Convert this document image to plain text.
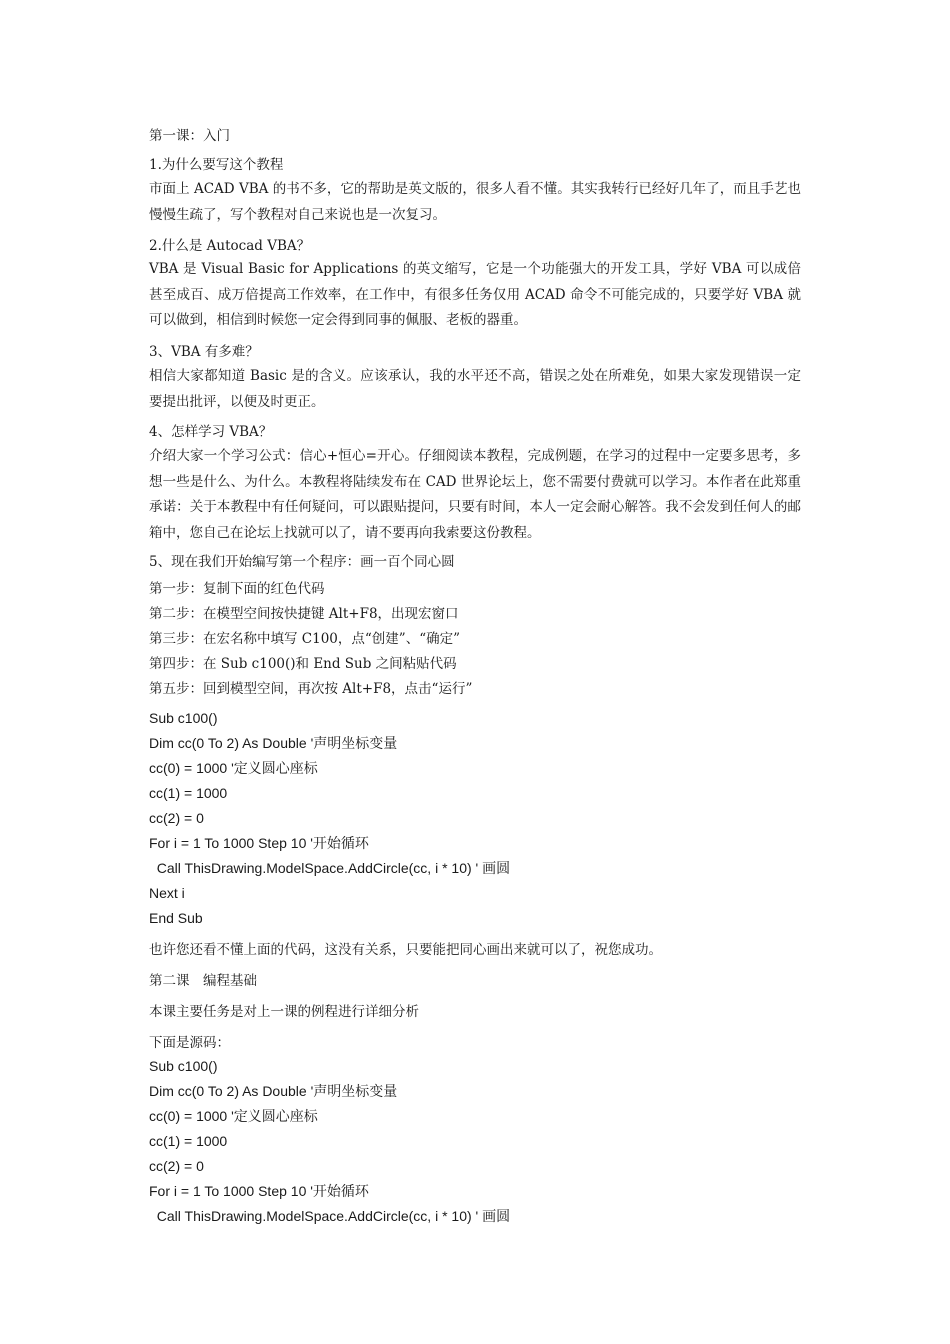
第一课：入门
1.为什么要写这个教程
市面上 ACAD VBA 的书不多，它的帮助是英文版的，很多人看不懂。其实我转行已经好几年了，而且手艺也慢慢生疏了，写个教程对自己来说也是一次复习。
2.什么是 Autocad VBA？
VBA 是 Visual Basic for Applications 的英文缩写，它是一个功能强大的开发工具，学好 VBA 可以成倍甚至成百、成万倍提高工作效率，在工作中，有很多任务仅用 ACAD 命令不可能完成的，只要学好 VBA 就可以做到，相信到时候您一定会得到同事的佩服、老板的器重。
3、VBA 有多难？
相信大家都知道 Basic 是的含义。应该承认，我的水平还不高，错误之处在所难免，如果大家发现错误一定要提出批评，以便及时更正。
4、怎样学习 VBA？
介绍大家一个学习公式：信心+恒心=开心。仔细阅读本教程，完成例题，在学习的过程中一定要多思考，多想一些是什么、为什么。本教程将陆续发布在 CAD 世界论坛上，您不需要付费就可以学习。本作者在此郑重承诺：关于本教程中有任何疑问，可以跟贴提问，只要有时间，本人一定会耐心解答。我不会发到任何人的邮箱中，您自己在论坛上找就可以了，请不要再向我索要这份教程。
5、现在我们开始编写第一个程序：画一百个同心圆
第一步：复制下面的红色代码
第二步：在模型空间按快捷键 Alt+F8，出现宏窗口
第三步：在宏名称中填写 C100，点“创建”、“确定”
第四步：在 Sub c100()和 End Sub 之间粘贴代码
第五步：回到模型空间，再次按 Alt+F8，点击“运行”
Sub c100()
Dim cc(0 To 2) As Double '声明坐标变量
cc(0) = 1000 '定义圆心座标
cc(1) = 1000
cc(2) = 0
For i = 1 To 1000 Step 10 '开始循环
Call ThisDrawing.ModelSpace.AddCircle(cc, i * 10) ' 画圆
Next i
End Sub
也许您还看不懂上面的代码，这没有关系，只要能把同心画出来就可以了，祝您成功。
第二课　编程基础
本课主要任务是对上一课的例程进行详细分析
下面是源码：
Sub c100()
Dim cc(0 To 2) As Double '声明坐标变量
cc(0) = 1000 '定义圆心座标
cc(1) = 1000
cc(2) = 0
For i = 1 To 1000 Step 10 '开始循环
Call ThisDrawing.ModelSpace.AddCircle(cc, i * 10) ' 画圆
